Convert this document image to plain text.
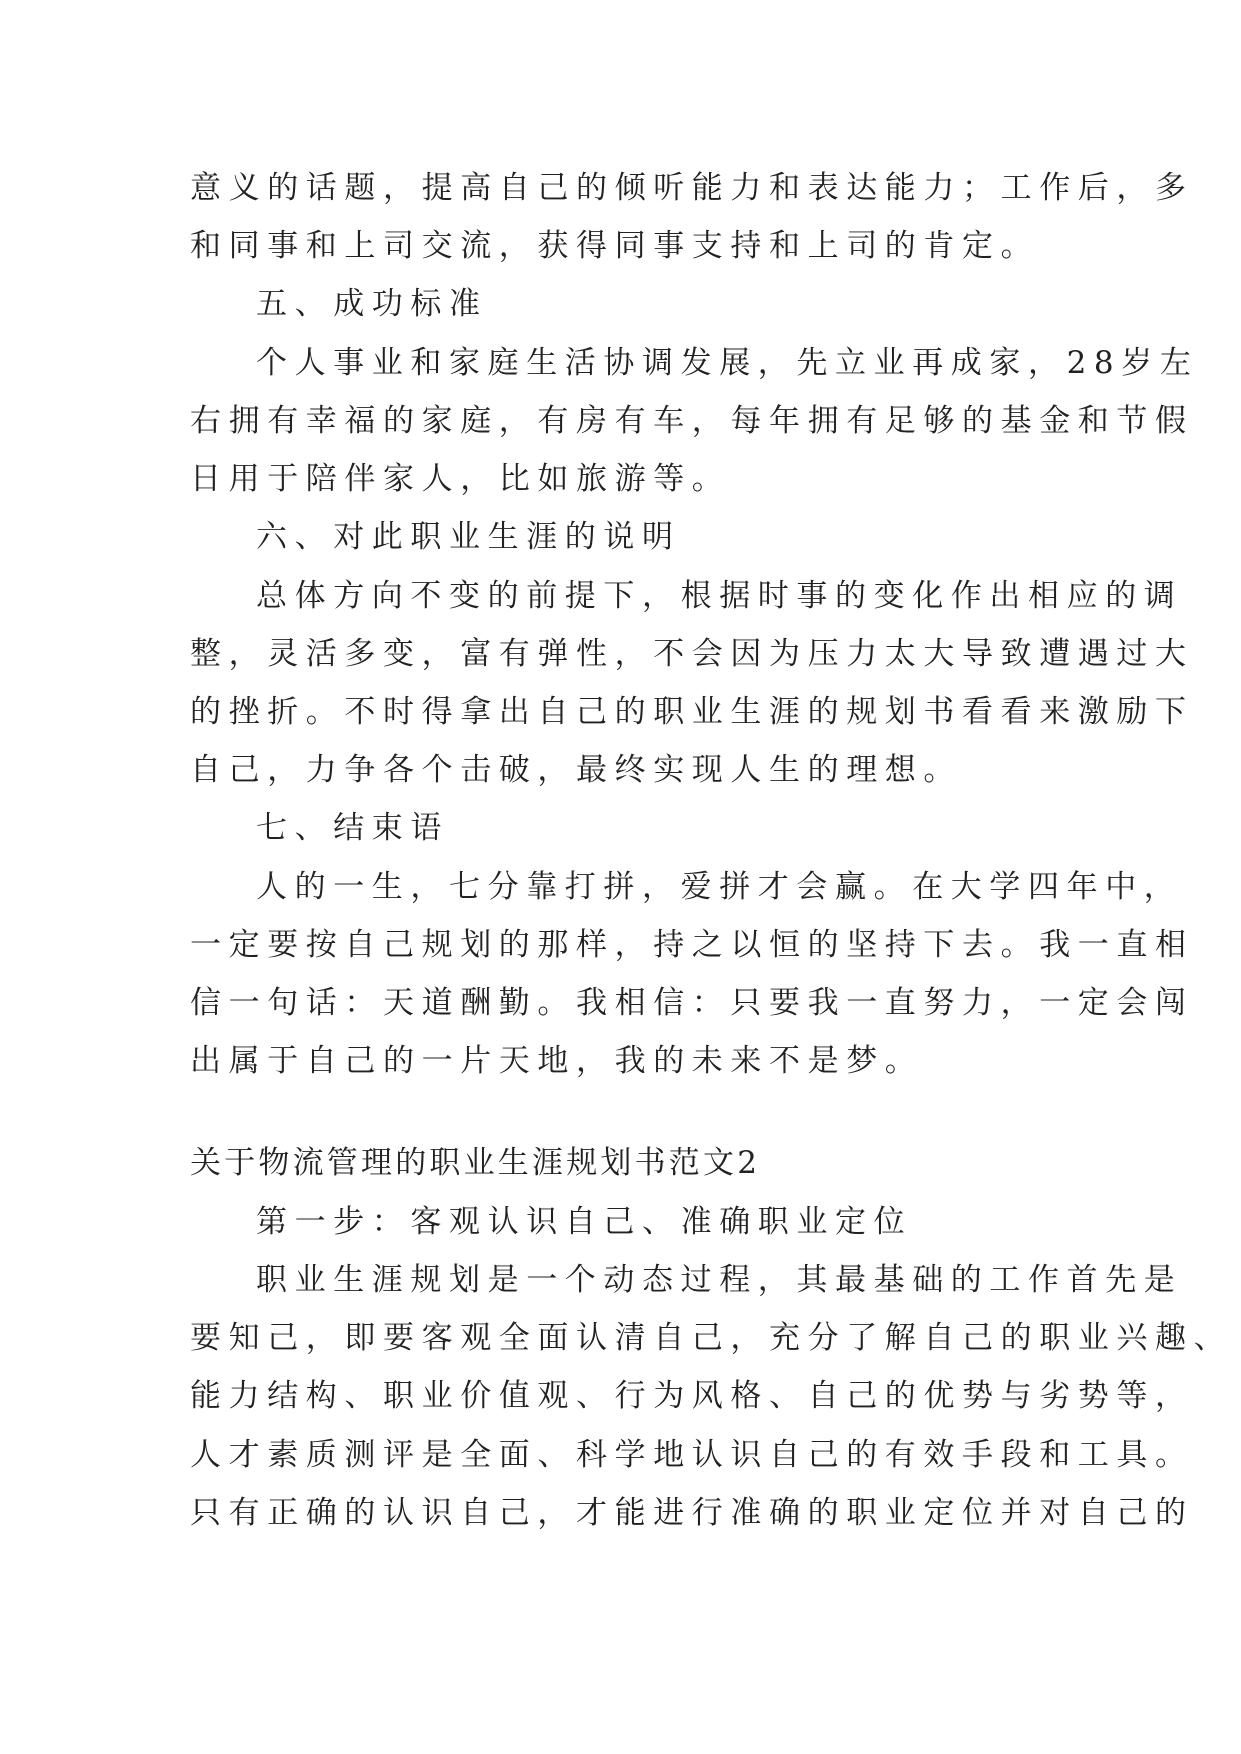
意义的话题，提高自己的倾听能力和表达能力；工作后，多
和同事和上司交流，获得同事支持和上司的肯定。
五、成功标准
个人事业和家庭生活协调发展，先立业再成家，28岁左
右拥有幸福的家庭，有房有车，每年拥有足够的基金和节假
日用于陪伴家人，比如旅游等。
六、对此职业生涯的说明
总体方向不变的前提下，根据时事的变化作出相应的调
整，灵活多变，富有弹性，不会因为压力太大导致遭遇过大
的挫折。不时得拿出自己的职业生涯的规划书看看来激励下
自己，力争各个击破，最终实现人生的理想。
七、结束语
人的一生，七分靠打拼，爱拼才会赢。在大学四年中，
一定要按自己规划的那样，持之以恒的坚持下去。我一直相
信一句话：天道酬勤。我相信：只要我一直努力，一定会闯
出属于自己的一片天地，我的未来不是梦。
关于物流管理的职业生涯规划书范文2
第一步：客观认识自己、准确职业定位
职业生涯规划是一个动态过程，其最基础的工作首先是
要知己，即要客观全面认清自己，充分了解自己的职业兴趣、
能力结构、职业价值观、行为风格、自己的优势与劣势等，
人才素质测评是全面、科学地认识自己的有效手段和工具。
只有正确的认识自己，才能进行准确的职业定位并对自己的
